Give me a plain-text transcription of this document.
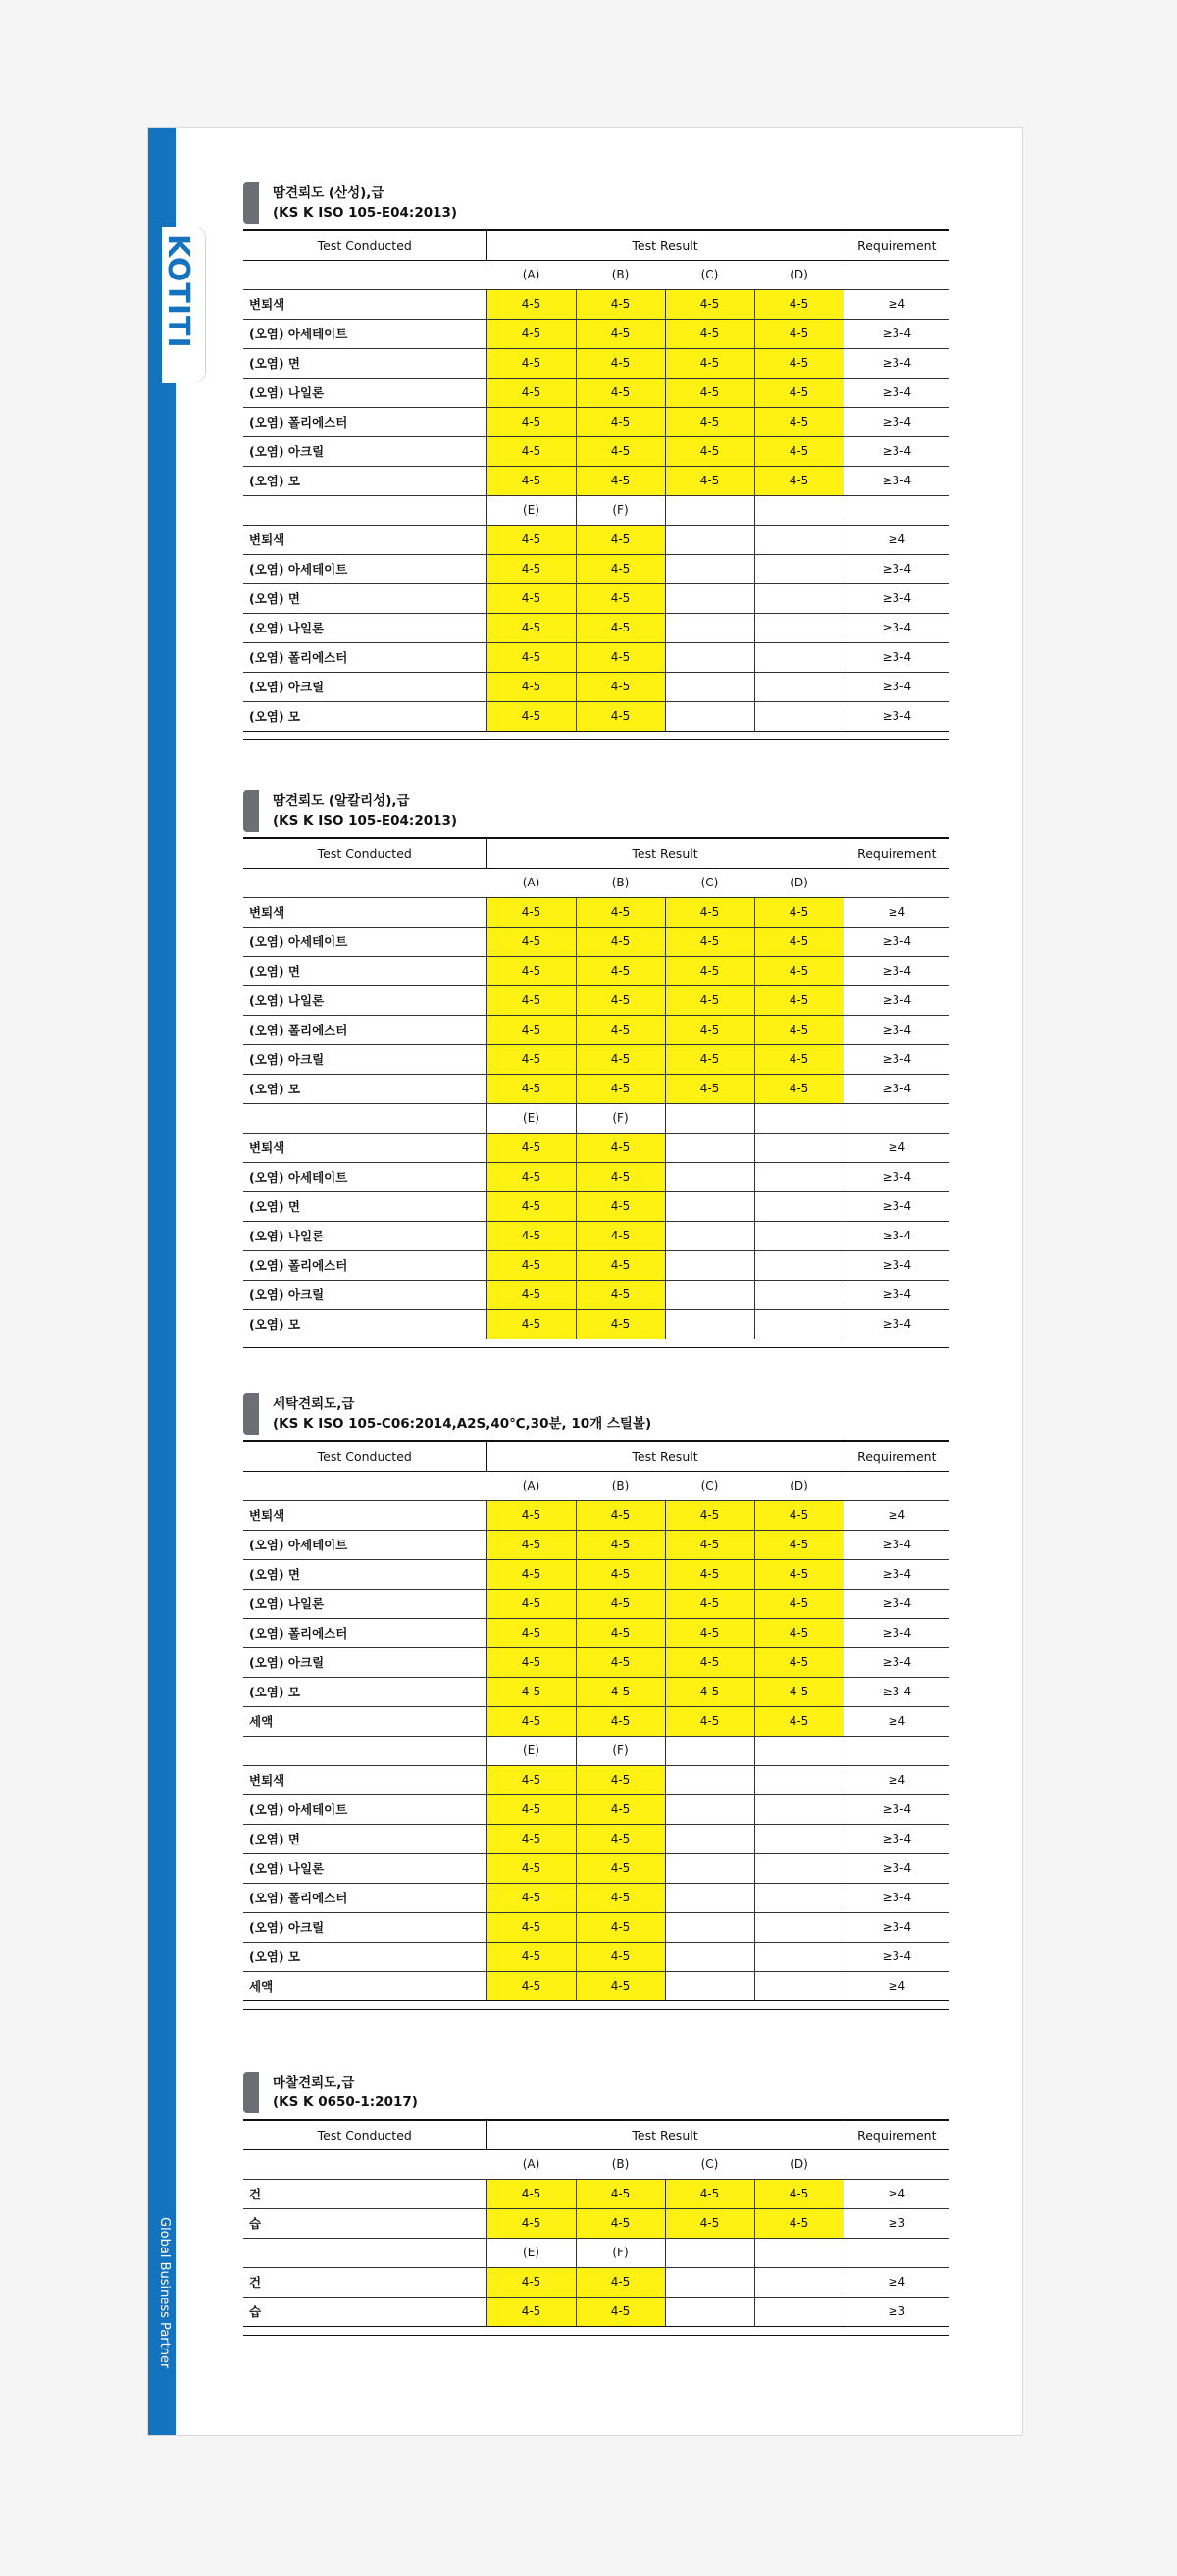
KOTITI
Global Business Partner
땀견뢰도 (산성),급
(KS K ISO 105-E04:2013)
Test Conducted	Test Result				Requirement
	(A)	(B)	(C)	(D)	
변퇴색	4-5	4-5	4-5	4-5	≥4
(오염) 아세테이트	4-5	4-5	4-5	4-5	≥3-4
(오염) 면	4-5	4-5	4-5	4-5	≥3-4
(오염) 나일론	4-5	4-5	4-5	4-5	≥3-4
(오염) 폴리에스터	4-5	4-5	4-5	4-5	≥3-4
(오염) 아크릴	4-5	4-5	4-5	4-5	≥3-4
(오염) 모	4-5	4-5	4-5	4-5	≥3-4
	(E)	(F)			
변퇴색	4-5	4-5			≥4
(오염) 아세테이트	4-5	4-5			≥3-4
(오염) 면	4-5	4-5			≥3-4
(오염) 나일론	4-5	4-5			≥3-4
(오염) 폴리에스터	4-5	4-5			≥3-4
(오염) 아크릴	4-5	4-5			≥3-4
(오염) 모	4-5	4-5			≥3-4
땀견뢰도 (알칼리성),급
(KS K ISO 105-E04:2013)
Test Conducted	Test Result				Requirement
	(A)	(B)	(C)	(D)	
변퇴색	4-5	4-5	4-5	4-5	≥4
(오염) 아세테이트	4-5	4-5	4-5	4-5	≥3-4
(오염) 면	4-5	4-5	4-5	4-5	≥3-4
(오염) 나일론	4-5	4-5	4-5	4-5	≥3-4
(오염) 폴리에스터	4-5	4-5	4-5	4-5	≥3-4
(오염) 아크릴	4-5	4-5	4-5	4-5	≥3-4
(오염) 모	4-5	4-5	4-5	4-5	≥3-4
	(E)	(F)			
변퇴색	4-5	4-5			≥4
(오염) 아세테이트	4-5	4-5			≥3-4
(오염) 면	4-5	4-5			≥3-4
(오염) 나일론	4-5	4-5			≥3-4
(오염) 폴리에스터	4-5	4-5			≥3-4
(오염) 아크릴	4-5	4-5			≥3-4
(오염) 모	4-5	4-5			≥3-4
세탁견뢰도,급
(KS K ISO 105-C06:2014,A2S,40℃,30분, 10개 스틸볼)
Test Conducted	Test Result				Requirement
	(A)	(B)	(C)	(D)	
변퇴색	4-5	4-5	4-5	4-5	≥4
(오염) 아세테이트	4-5	4-5	4-5	4-5	≥3-4
(오염) 면	4-5	4-5	4-5	4-5	≥3-4
(오염) 나일론	4-5	4-5	4-5	4-5	≥3-4
(오염) 폴리에스터	4-5	4-5	4-5	4-5	≥3-4
(오염) 아크릴	4-5	4-5	4-5	4-5	≥3-4
(오염) 모	4-5	4-5	4-5	4-5	≥3-4
세액	4-5	4-5	4-5	4-5	≥4
	(E)	(F)			
변퇴색	4-5	4-5			≥4
(오염) 아세테이트	4-5	4-5			≥3-4
(오염) 면	4-5	4-5			≥3-4
(오염) 나일론	4-5	4-5			≥3-4
(오염) 폴리에스터	4-5	4-5			≥3-4
(오염) 아크릴	4-5	4-5			≥3-4
(오염) 모	4-5	4-5			≥3-4
세액	4-5	4-5			≥4
마찰견뢰도,급
(KS K 0650-1:2017)
Test Conducted	Test Result				Requirement
	(A)	(B)	(C)	(D)	
건	4-5	4-5	4-5	4-5	≥4
습	4-5	4-5	4-5	4-5	≥3
	(E)	(F)			
건	4-5	4-5			≥4
습	4-5	4-5			≥3
